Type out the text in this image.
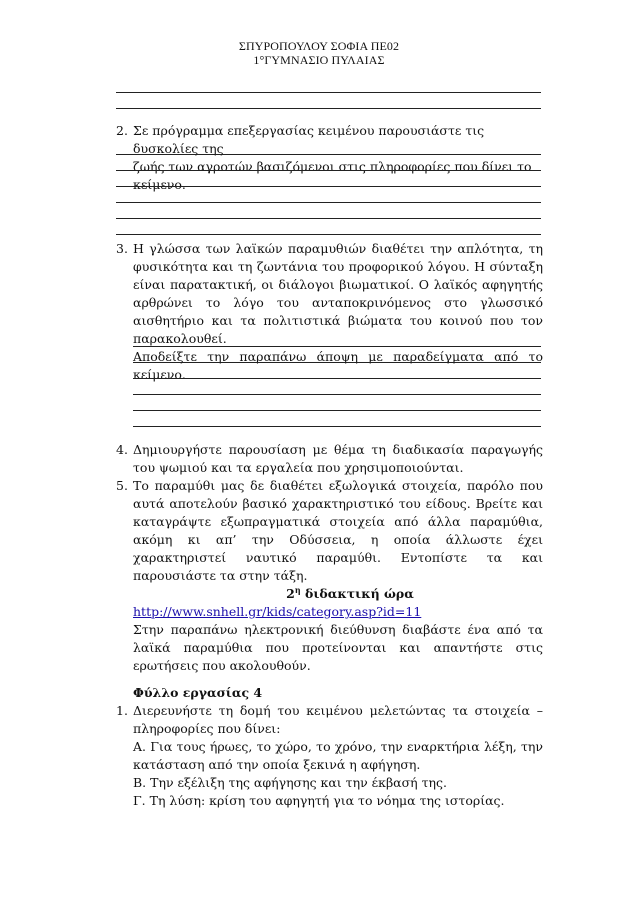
ΣΠΥΡΟΠΟΥΛΟΥ ΣΟΦΙΑ ΠΕ02
1°ΓΥΜΝΑΣΙΟ ΠΥΛΑΙΑΣ
2. Σε πρόγραμμα επεξεργασίας κειμένου παρουσιάστε τις δυσκολίες της
ζωής των αγροτών βασιζόμενοι στις πληροφορίες που δίνει το κείμενο.
3. Η γλώσσα των λαϊκών παραμυθιών διαθέτει την απλότητα, τη φυσικότητα και τη ζωντάνια του προφορικού λόγου. Η σύνταξη είναι παρατακτική, οι διάλογοι βιωματικοί. Ο λαϊκός αφηγητής αρθρώνει το λόγο του ανταποκρινόμενος στο γλωσσικό αισθητήριο και τα πολιτιστικά βιώματα του κοινού που τον παρακολουθεί.

Αποδείξτε την παραπάνω άποψη με παραδείγματα από το κείμενο.

4. Δημιουργήστε παρουσίαση με θέμα τη διαδικασία παραγωγής του ψωμιού και τα εργαλεία που χρησιμοποιούνται.
5. Το παραμύθι μας δε διαθέτει εξωλογικά στοιχεία, παρόλο που αυτά αποτελούν βασικό χαρακτηριστικό του είδους. Βρείτε και καταγράψτε εξωπραγματικά στοιχεία από άλλα παραμύθια, ακόμη κι απ’ την Οδύσσεια, η οποία άλλωστε έχει χαρακτηριστεί ναυτικό παραμύθι. Εντοπίστε τα και παρουσιάστε τα στην τάξη.
$2^\eta$ διδακτική ώρα
http://www.snhell.gr/kids/category.asp?id=11
Στην παραπάνω ηλεκτρονική διεύθυνση διαβάστε ένα από τα λαϊκά παραμύθια που προτείνονται και απαντήστε στις ερωτήσεις που ακολουθούν.
Φύλλο εργασίας 4
1. Διερευνήστε τη δομή του κειμένου μελετώντας τα στοιχεία – πληροφορίες που δίνει:

Α. Για τους ήρωες, το χώρο, το χρόνο, την εναρκτήρια λέξη, την κατάσταση από την οποία ξεκινά η αφήγηση.

Β. Την εξέλιξη της αφήγησης και την έκβασή της.

Γ. Τη λύση: κρίση του αφηγητή για το νόημα της ιστορίας.
